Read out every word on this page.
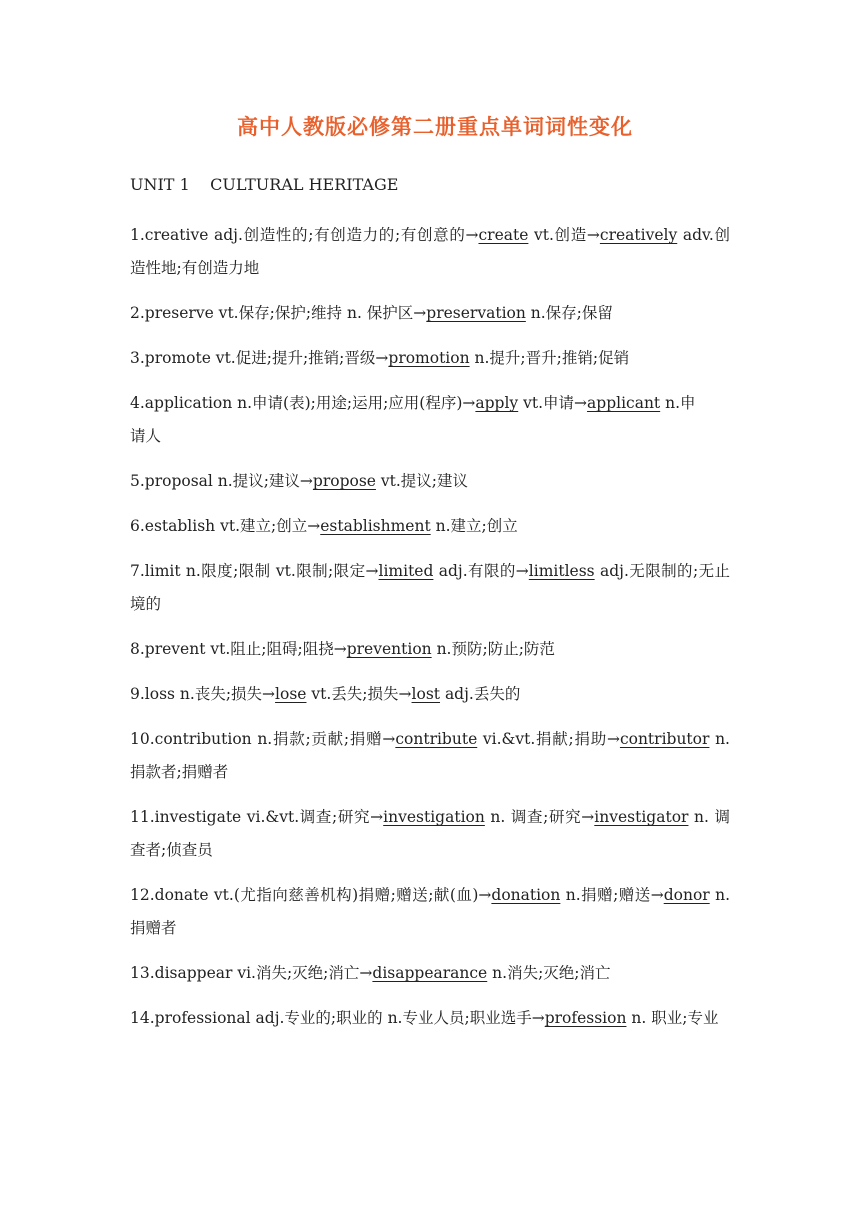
高中人教版必修第二册重点单词词性变化
UNIT 1    CULTURAL HERITAGE

1.creative adj.创造性的;有创造力的;有创意的→create vt.创造→creatively adv.创造性地;有创造力地

2.preserve vt.保存;保护;维持 n. 保护区→preservation n.保存;保留

3.promote vt.促进;提升;推销;晋级→promotion n.提升;晋升;推销;促销

4.application n.申请(表);用途;运用;应用(程序)→apply vt.申请→applicant n.申

请人

5.proposal n.提议;建议→propose vt.提议;建议

6.establish vt.建立;创立→establishment n.建立;创立

7.limit n.限度;限制 vt.限制;限定→limited adj.有限的→limitless adj.无限制的;无止境的

8.prevent vt.阻止;阻碍;阻挠→prevention n.预防;防止;防范

9.loss n.丧失;损失→lose vt.丢失;损失→lost adj.丢失的

10.contribution n.捐款;贡献;捐赠→contribute vi.&vt.捐献;捐助→contributor n.捐款者;捐赠者

11.investigate vi.&vt.调查;研究→investigation n. 调查;研究→investigator n. 调查者;侦查员

12.donate vt.(尤指向慈善机构)捐赠;赠送;献(血)→donation n.捐赠;赠送→donor n.捐赠者

13.disappear vi.消失;灭绝;消亡→disappearance n.消失;灭绝;消亡

14.professional adj.专业的;职业的 n.专业人员;职业选手→profession n. 职业;专业
